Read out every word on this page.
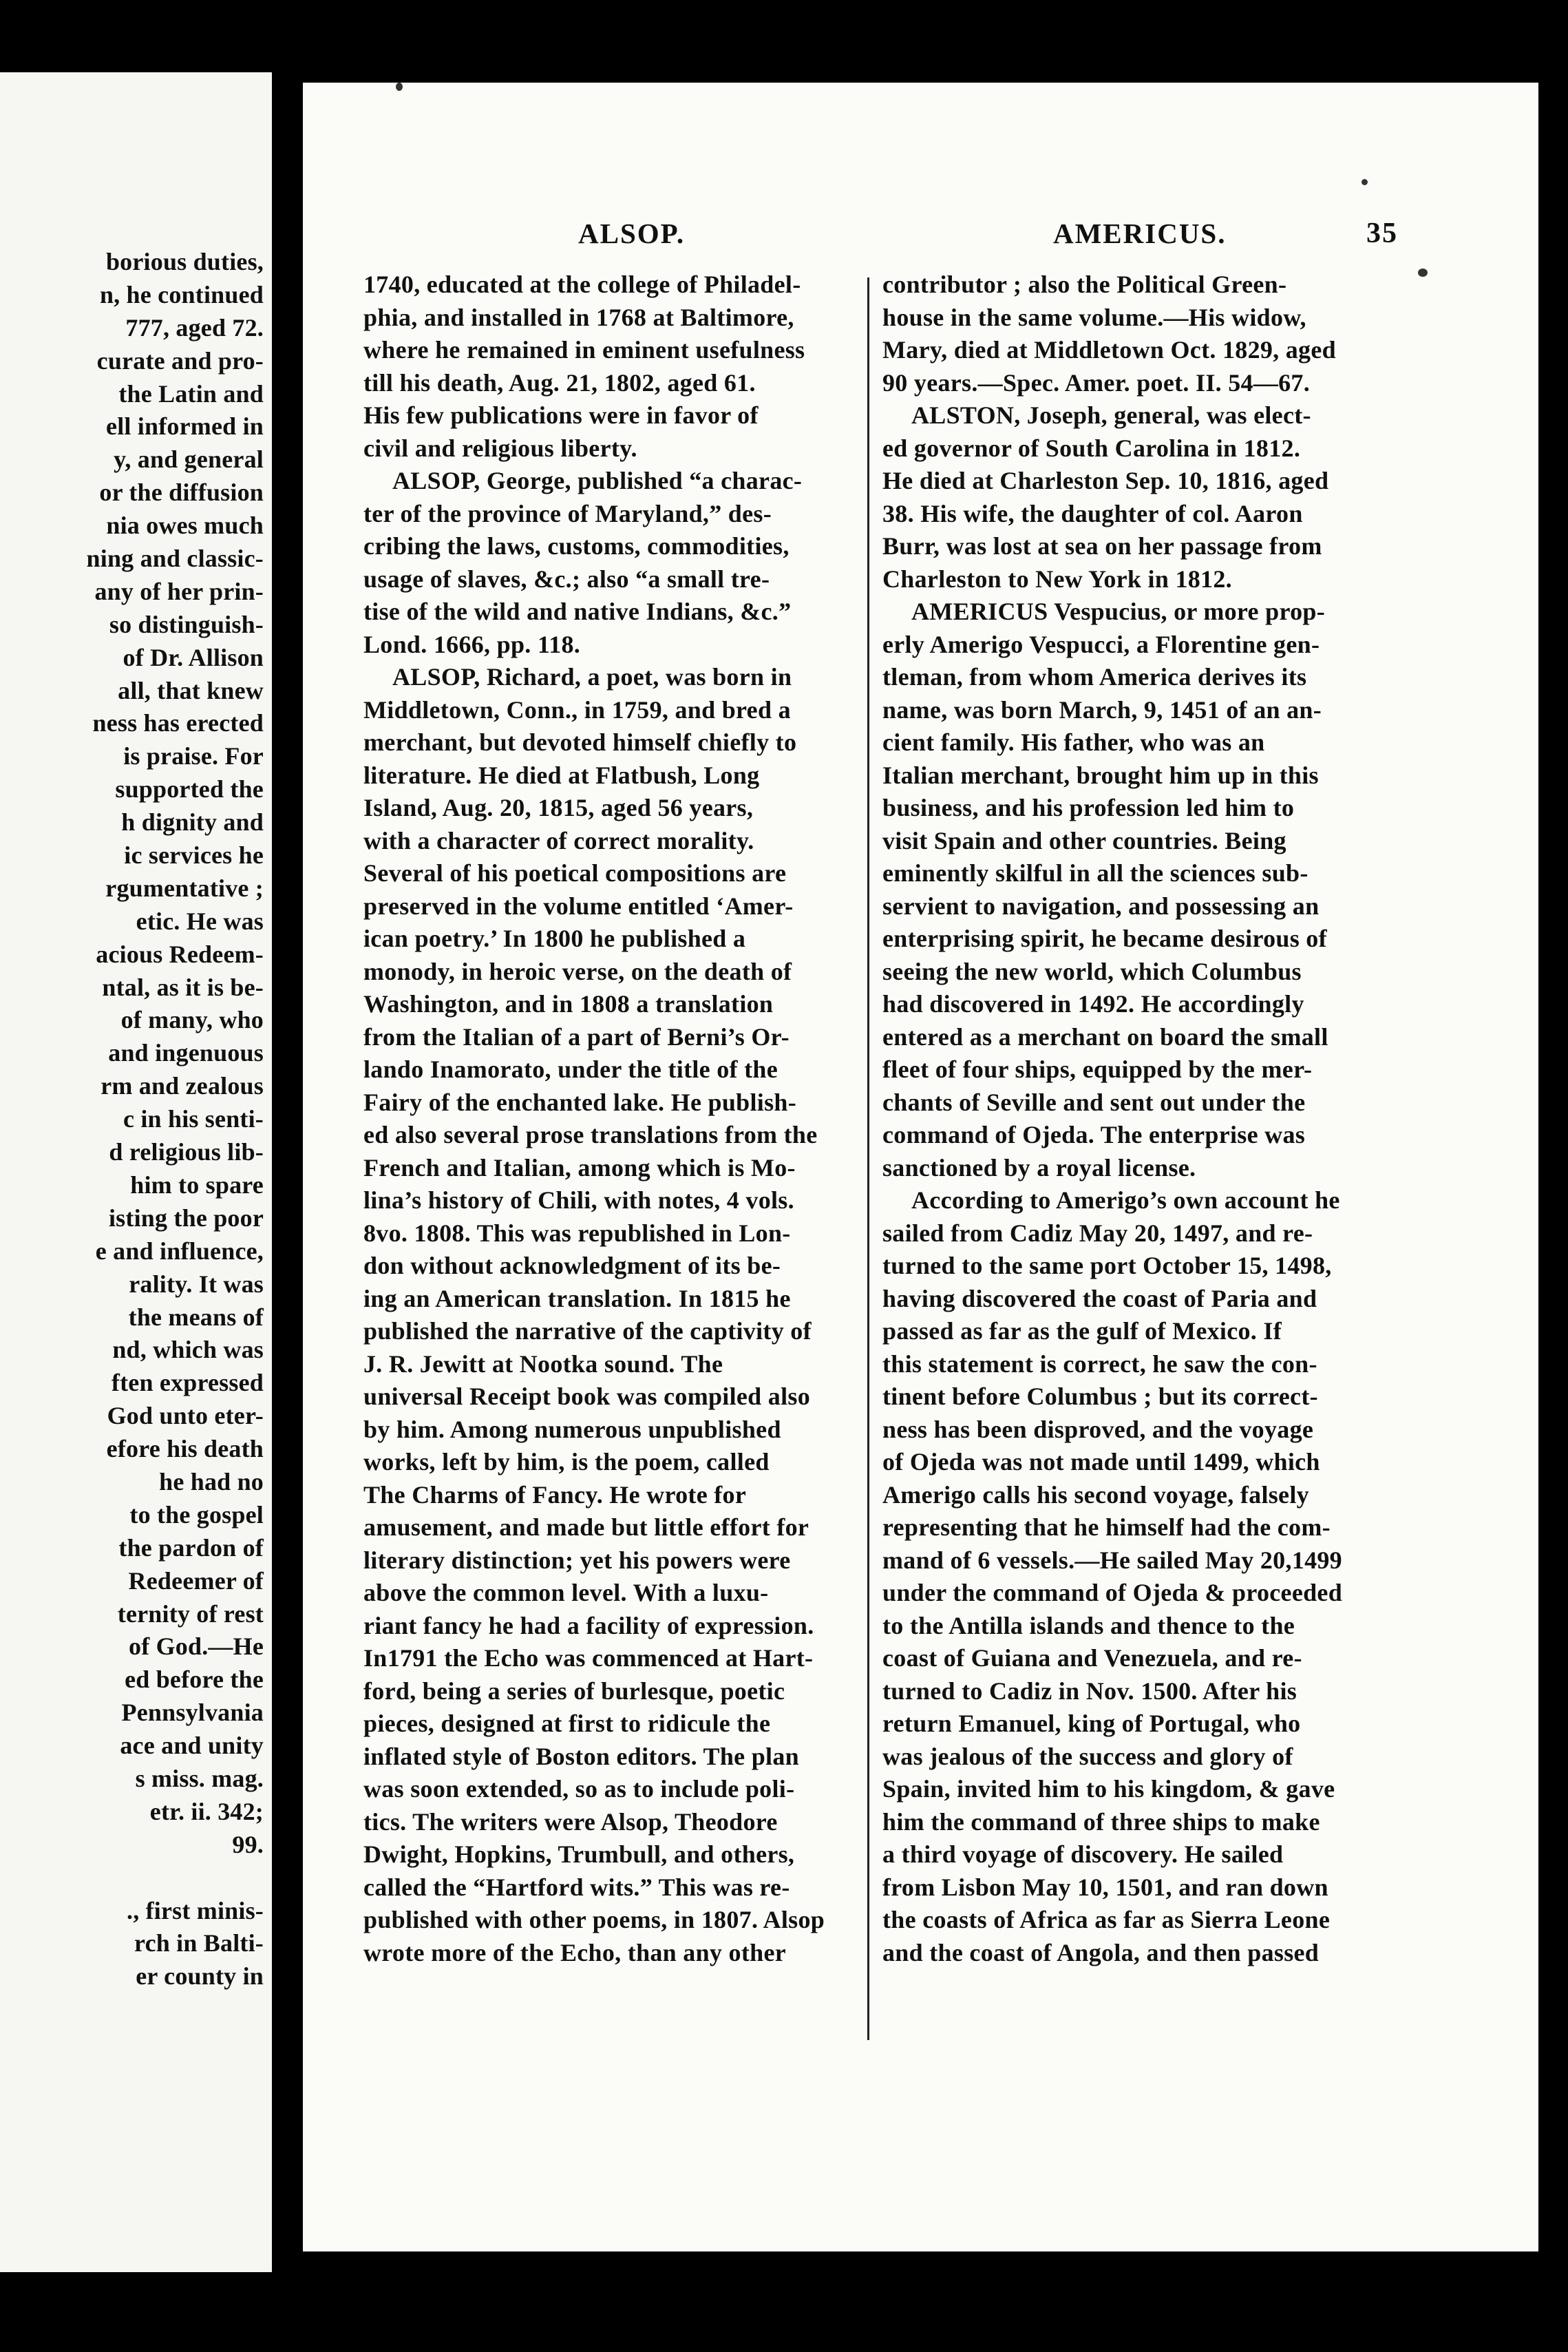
borious duties,
n, he continued
777, aged 72.
curate and pro-
the Latin and
ell informed in
y, and general
or the diffusion
nia owes much
ning and classic-
any of her prin-
so distinguish-
of Dr. Allison
all, that knew
ness has erected
is praise. For
supported the
h dignity and
ic services he
rgumentative ;
etic. He was
acious Redeem-
ntal, as it is be-
of many, who
and ingenuous
rm and zealous
c in his senti-
d religious lib-
him to spare
isting the poor
e and influence,
rality. It was
the means of
nd, which was
ften expressed
God unto eter-
efore his death
he had no
to the gospel
the pardon of
Redeemer of
ternity of rest
of God.—He
ed before the
Pennsylvania
ace and unity
s miss. mag.
etr. ii. 342;
99.
., first minis-
rch in Balti-
er county in
ALSOP.	AMERICUS.	35
1740, educated at the college of Philadel-
phia, and installed in 1768 at Baltimore,
where he remained in eminent usefulness
till his death, Aug. 21, 1802, aged 61.
His few publications were in favor of
civil and religious liberty.
ALSOP, George, published “a charac-
ter of the province of Maryland,” des-
cribing the laws, customs, commodities,
usage of slaves, &c.; also “a small tre-
tise of the wild and native Indians, &c.”
Lond. 1666, pp. 118.
ALSOP, Richard, a poet, was born in
Middletown, Conn., in 1759, and bred a
merchant, but devoted himself chiefly to
literature. He died at Flatbush, Long
Island, Aug. 20, 1815, aged 56 years,
with a character of correct morality.
Several of his poetical compositions are
preserved in the volume entitled ‘Amer-
ican poetry.’ In 1800 he published a
monody, in heroic verse, on the death of
Washington, and in 1808 a translation
from the Italian of a part of Berni’s Or-
lando Inamorato, under the title of the
Fairy of the enchanted lake. He publish-
ed also several prose translations from the
French and Italian, among which is Mo-
lina’s history of Chili, with notes, 4 vols.
8vo. 1808. This was republished in Lon-
don without acknowledgment of its be-
ing an American translation. In 1815 he
published the narrative of the captivity of
J. R. Jewitt at Nootka sound. The
universal Receipt book was compiled also
by him. Among numerous unpublished
works, left by him, is the poem, called
The Charms of Fancy. He wrote for
amusement, and made but little effort for
literary distinction; yet his powers were
above the common level. With a luxu-
riant fancy he had a facility of expression.
In1791 the Echo was commenced at Hart-
ford, being a series of burlesque, poetic
pieces, designed at first to ridicule the
inflated style of Boston editors. The plan
was soon extended, so as to include poli-
tics. The writers were Alsop, Theodore
Dwight, Hopkins, Trumbull, and others,
called the “Hartford wits.” This was re-
published with other poems, in 1807. Alsop
wrote more of the Echo, than any other
contributor ; also the Political Green-
house in the same volume.—His widow,
Mary, died at Middletown Oct. 1829, aged
90 years.—Spec. Amer. poet. II. 54—67.
ALSTON, Joseph, general, was elect-
ed governor of South Carolina in 1812.
He died at Charleston Sep. 10, 1816, aged
38. His wife, the daughter of col. Aaron
Burr, was lost at sea on her passage from
Charleston to New York in 1812.
AMERICUS Vespucius, or more prop-
erly Amerigo Vespucci, a Florentine gen-
tleman, from whom America derives its
name, was born March, 9, 1451 of an an-
cient family. His father, who was an
Italian merchant, brought him up in this
business, and his profession led him to
visit Spain and other countries. Being
eminently skilful in all the sciences sub-
servient to navigation, and possessing an
enterprising spirit, he became desirous of
seeing the new world, which Columbus
had discovered in 1492. He accordingly
entered as a merchant on board the small
fleet of four ships, equipped by the mer-
chants of Seville and sent out under the
command of Ojeda. The enterprise was
sanctioned by a royal license.
According to Amerigo’s own account he
sailed from Cadiz May 20, 1497, and re-
turned to the same port October 15, 1498,
having discovered the coast of Paria and
passed as far as the gulf of Mexico. If
this statement is correct, he saw the con-
tinent before Columbus ; but its correct-
ness has been disproved, and the voyage
of Ojeda was not made until 1499, which
Amerigo calls his second voyage, falsely
representing that he himself had the com-
mand of 6 vessels.—He sailed May 20,1499
under the command of Ojeda & proceeded
to the Antilla islands and thence to the
coast of Guiana and Venezuela, and re-
turned to Cadiz in Nov. 1500. After his
return Emanuel, king of Portugal, who
was jealous of the success and glory of
Spain, invited him to his kingdom, & gave
him the command of three ships to make
a third voyage of discovery. He sailed
from Lisbon May 10, 1501, and ran down
the coasts of Africa as far as Sierra Leone
and the coast of Angola, and then passed
